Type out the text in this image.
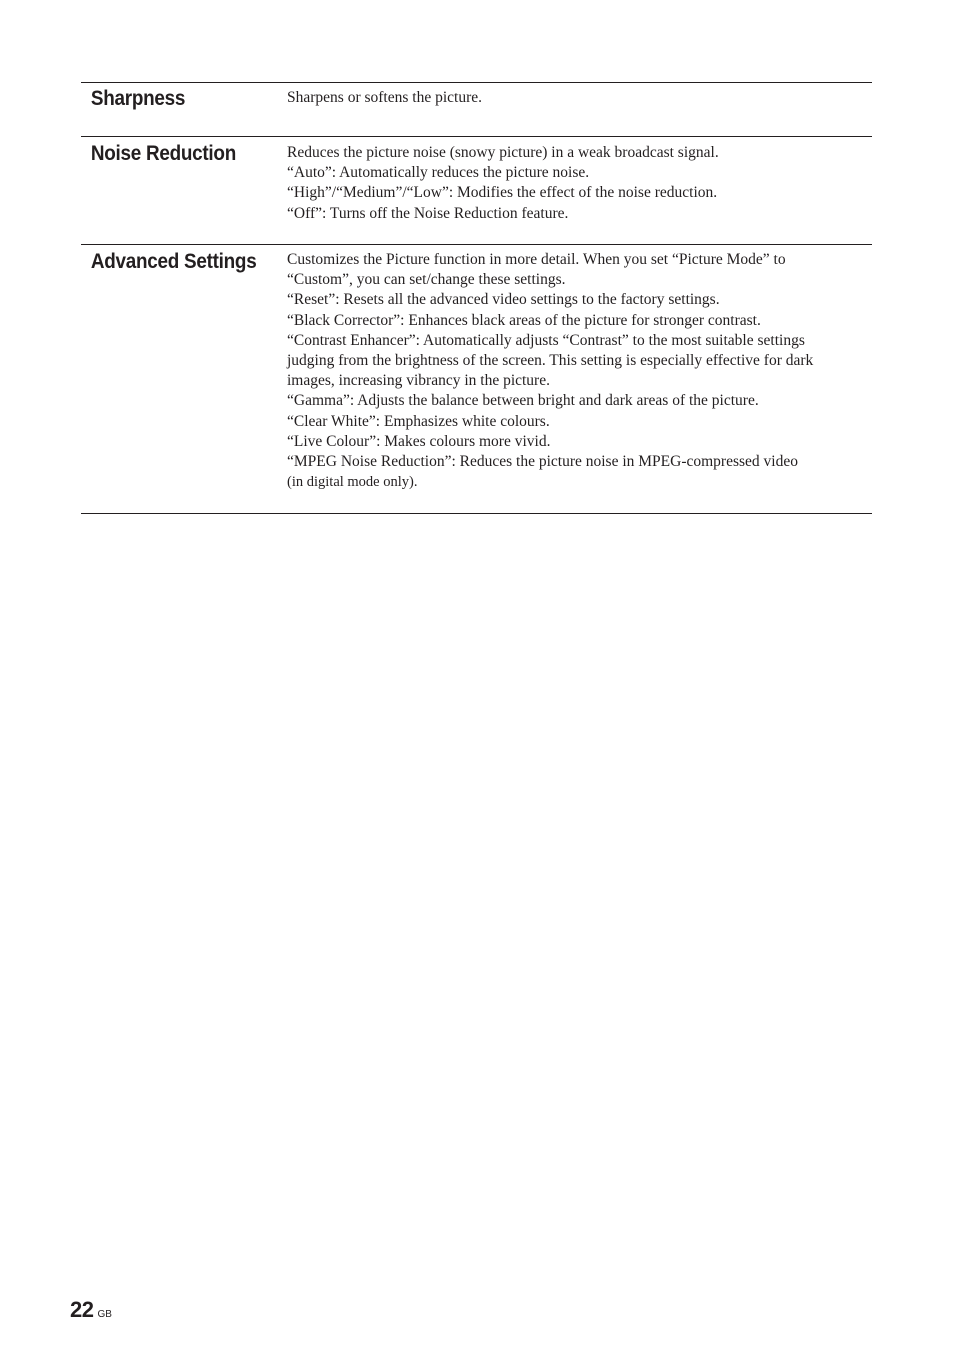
Sharpness	Sharpens or softens the picture.
Noise Reduction	Reduces the picture noise (snowy picture) in a weak broadcast signal.
“Auto”: Automatically reduces the picture noise.
“High”/“Medium”/“Low”: Modifies the effect of the noise reduction.
“Off”: Turns off the Noise Reduction feature.
Advanced Settings	Customizes the Picture function in more detail. When you set “Picture Mode” to
“Custom”, you can set/change these settings.
“Reset”: Resets all the advanced video settings to the factory settings.
“Black Corrector”: Enhances black areas of the picture for stronger contrast.
“Contrast Enhancer”: Automatically adjusts “Contrast” to the most suitable settings
judging from the brightness of the screen. This setting is especially effective for dark
images, increasing vibrancy in the picture.
“Gamma”: Adjusts the balance between bright and dark areas of the picture.
“Clear White”: Emphasizes white colours.
“Live Colour”: Makes colours more vivid.
“MPEG Noise Reduction”: Reduces the picture noise in MPEG-compressed video
(in digital mode only).
22 GB
